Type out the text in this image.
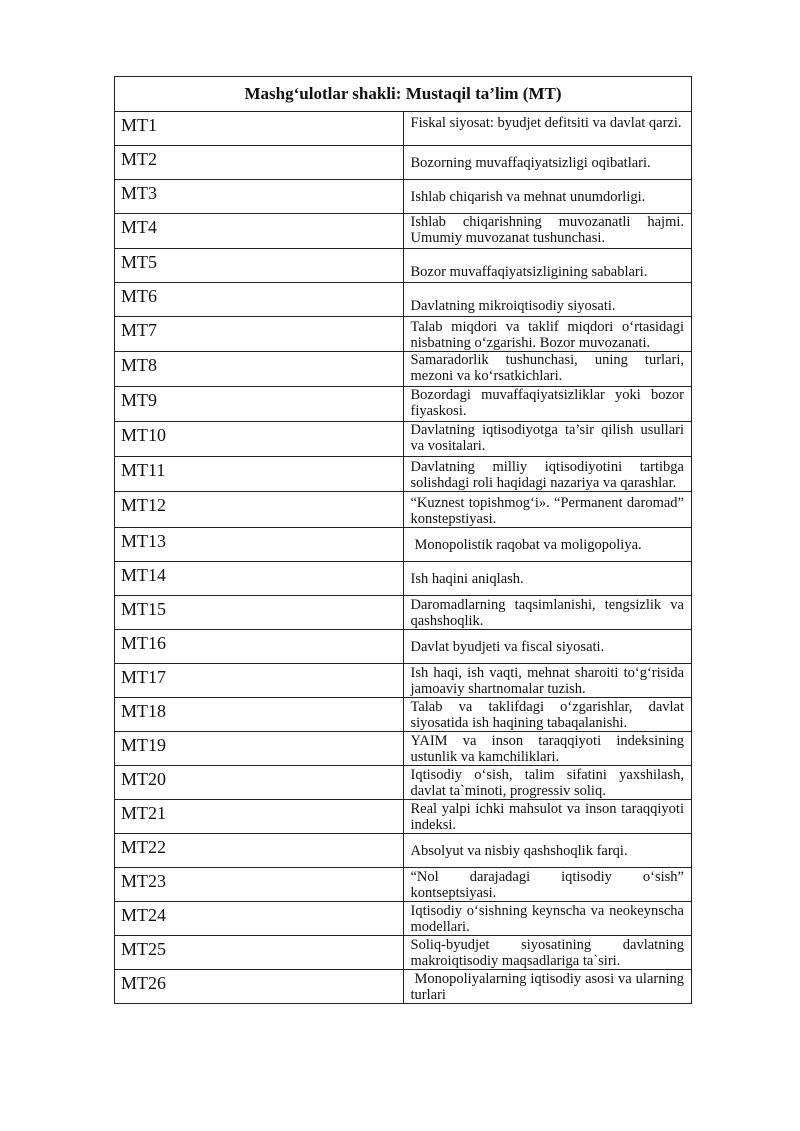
Mashg‘ulotlar shakli: Mustaqil ta’lim (MT)	
MT1	Fiskal siyosat: byudjet defitsiti va davlat qarzi.
MT2	Bozorning muvaffaqiyatsizligi oqibatlari.
MT3	Ishlab chiqarish va mehnat unumdorligi.
MT4	Ishlab chiqarishning muvozanatli hajmi. Umumiy muvozanat tushunchasi.
MT5	Bozor muvaffaqiyatsizligining sabablari.
MT6	Davlatning mikroiqtisodiy siyosati.
MT7	Talab miqdori va taklif miqdori o‘rtasidagi nisbatning o‘zgarishi. Bozor muvozanati.
MT8	Samaradorlik tushunchasi, uning turlari, mezoni va ko‘rsatkichlari.
MT9	Bozordagi muvaffaqiyatsizliklar yoki bozor fiyaskosi.
MT10	Davlatning iqtisodiyotga ta’sir qilish usullari va vositalari.
MT11	Davlatning milliy iqtisodiyotini tartibga solishdagi roli haqidagi nazariya va qarashlar.
MT12	“Kuznest topishmog‘i». “Permanent daromad” konstepstiyasi.
MT13	Monopolistik raqobat va moligopoliya.
MT14	Ish haqini aniqlash.
MT15	Daromadlarning taqsimlanishi, tengsizlik va qashshoqlik.
MT16	Davlat byudjeti va fiscal siyosati.
MT17	Ish haqi, ish vaqti, mehnat sharoiti to‘g‘risida jamoaviy shartnomalar tuzish.
MT18	Talab va taklifdagi o‘zgarishlar, davlat siyosatida ish haqining tabaqalanishi.
MT19	YAIM va inson taraqqiyoti indeksining ustunlik va kamchiliklari.
MT20	Iqtisodiy o‘sish, talim sifatini yaxshilash, davlat ta`minoti, progressiv soliq.
MT21	Real yalpi ichki mahsulot va inson taraqqiyoti indeksi.
MT22	Absolyut va nisbiy qashshoqlik farqi.
MT23	“Nol darajadagi iqtisodiy o‘sish” kontseptsiyasi.
MT24	Iqtisodiy o‘sishning keynscha va neokeynscha modellari.
MT25	Soliq-byudjet siyosatining davlatning makroiqtisodiy maqsadlariga ta`siri.
MT26	Monopoliyalarning iqtisodiy asosi va ularning turlari
